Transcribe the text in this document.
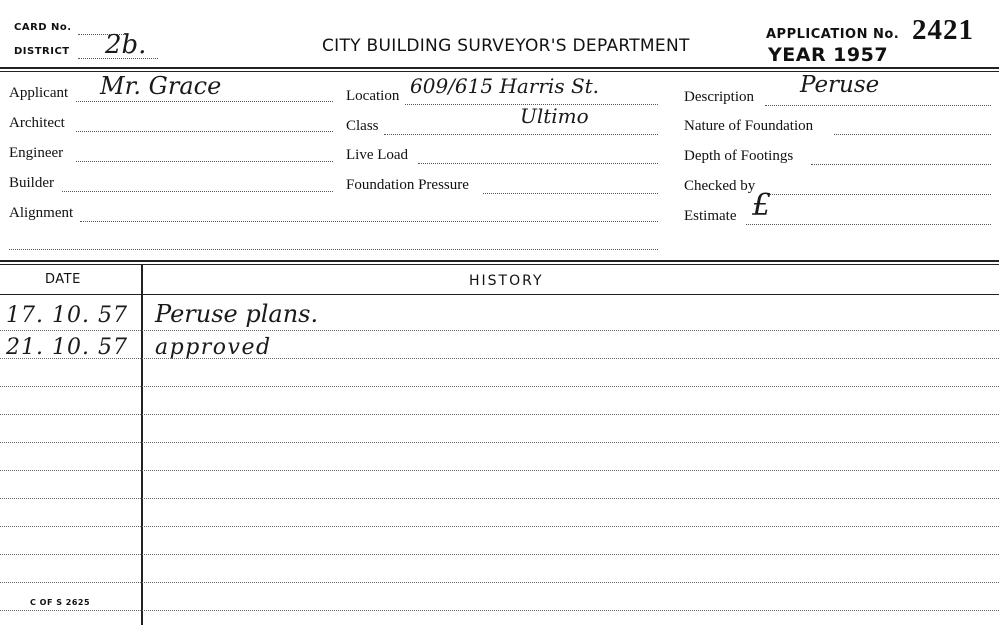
CARD No.
DISTRICT 2b.	CITY BUILDING SURVEYOR'S DEPARTMENT
APPLICATION No. 2421
YEAR 1957
Applicant Mr. Grace
Architect
Engineer
Builder
Alignment
Location 609/615 Harris St.
Ultimo
Class
Live Load
Foundation Pressure
Description Peruse
Nature of Foundation
Depth of Footings
Checked by
Estimate £
DATE	HISTORY
17. 10. 57 Peruse plans.
21. 10. 57 approved
C OF S 2625
